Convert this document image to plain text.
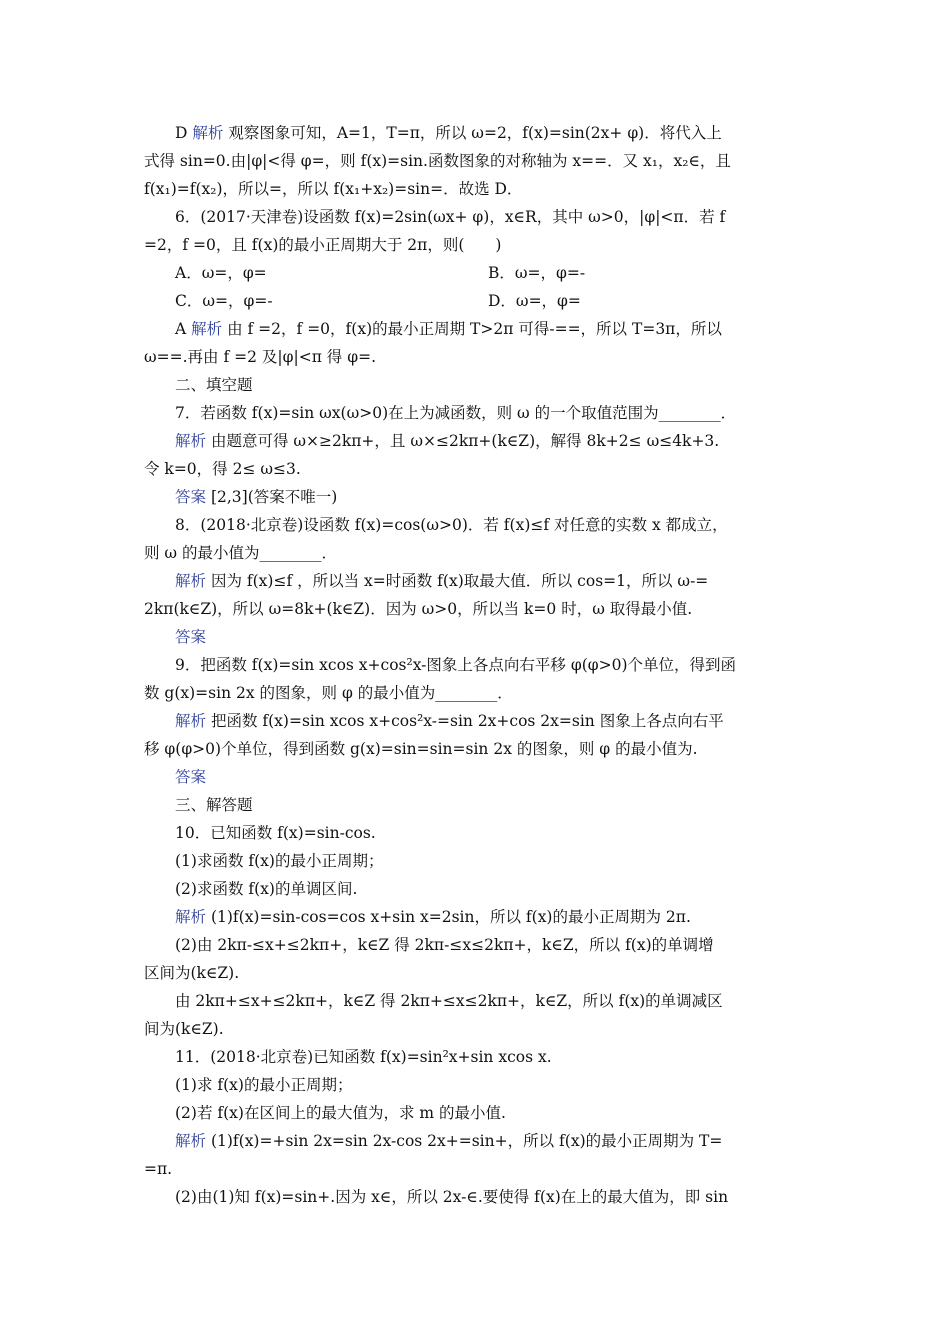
D 解析 观察图象可知，A=1，T=π，所以 ω=2，f(x)=sin(2x+ φ)．将代入上
式得 sin=0.由|φ|<得 φ=，则 f(x)=sin.函数图象的对称轴为 x==．又 x₁，x₂∈，且
f(x₁)=f(x₂)，所以=，所以 f(x₁+x₂)=sin=．故选 D．
6．(2017·天津卷)设函数 f(x)=2sin(ωx+ φ)，x∈R，其中 ω>0，|φ|<π．若 f
=2，f =0，且 f(x)的最小正周期大于 2π，则(　　)
A．ω=，φ=	B．ω=，φ=-
C．ω=，φ=-	D．ω=，φ=
A 解析 由 f =2，f =0，f(x)的最小正周期 T>2π 可得-==，所以 T=3π，所以
ω==.再由 f =2 及|φ|<π 得 φ=.
二、填空题
7．若函数 f(x)=sin ωx(ω>0)在上为减函数，则 ω 的一个取值范围为________．
解析 由题意可得 ω×≥2kπ+，且 ω×≤2kπ+(k∈Z)，解得 8k+2≤ ω≤4k+3.
令 k=0，得 2≤ ω≤3.
答案 [2,3](答案不唯一)
8．(2018·北京卷)设函数 f(x)=cos(ω>0)．若 f(x)≤f 对任意的实数 x 都成立，
则 ω 的最小值为________．
解析 因为 f(x)≤f ，所以当 x=时函数 f(x)取最大值．所以 cos=1，所以 ω-=
2kπ(k∈Z)，所以 ω=8k+(k∈Z)．因为 ω>0，所以当 k=0 时，ω 取得最小值.
答案
9．把函数 f(x)=sin xcos x+cos²x-图象上各点向右平移 φ(φ>0)个单位，得到函
数 g(x)=sin 2x 的图象，则 φ 的最小值为________．
解析 把函数 f(x)=sin xcos x+cos²x-=sin 2x+cos 2x=sin 图象上各点向右平
移 φ(φ>0)个单位，得到函数 g(x)=sin=sin=sin 2x 的图象，则 φ 的最小值为.
答案
三、解答题
10．已知函数 f(x)=sin-cos.
(1)求函数 f(x)的最小正周期；
(2)求函数 f(x)的单调区间.
解析 (1)f(x)=sin-cos=cos x+sin x=2sin，所以 f(x)的最小正周期为 2π.
(2)由 2kπ-≤x+≤2kπ+，k∈Z 得 2kπ-≤x≤2kπ+，k∈Z，所以 f(x)的单调增
区间为(k∈Z).
由 2kπ+≤x+≤2kπ+，k∈Z 得 2kπ+≤x≤2kπ+，k∈Z，所以 f(x)的单调减区
间为(k∈Z).
11．(2018·北京卷)已知函数 f(x)=sin²x+sin xcos x.
(1)求 f(x)的最小正周期；
(2)若 f(x)在区间上的最大值为，求 m 的最小值.
解析 (1)f(x)=+sin 2x=sin 2x-cos 2x+=sin+，所以 f(x)的最小正周期为 T=
=π.
(2)由(1)知 f(x)=sin+.因为 x∈，所以 2x-∈.要使得 f(x)在上的最大值为，即 sin
